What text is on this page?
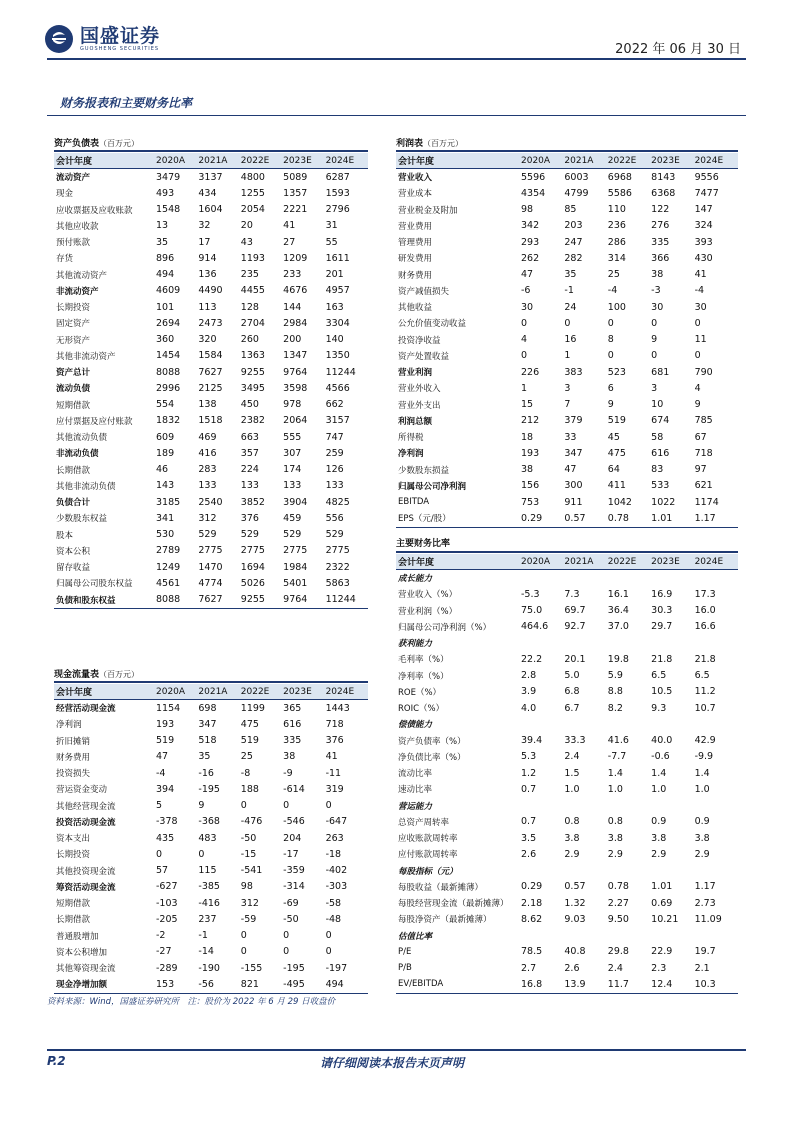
国盛证券
GUOSHENG SECURITIES	2022 年 06 月 30 日
财务报表和主要财务比率
资产负债表（百万元）
会计年度	2020A	2021A	2022E	2023E	2024E
流动资产	3479	3137	4800	5089	6287
现金	493	434	1255	1357	1593
应收票据及应收账款	1548	1604	2054	2221	2796
其他应收款	13	32	20	41	31
预付账款	35	17	43	27	55
存货	896	914	1193	1209	1611
其他流动资产	494	136	235	233	201
非流动资产	4609	4490	4455	4676	4957
长期投资	101	113	128	144	163
固定资产	2694	2473	2704	2984	3304
无形资产	360	320	260	200	140
其他非流动资产	1454	1584	1363	1347	1350
资产总计	8088	7627	9255	9764	11244
流动负债	2996	2125	3495	3598	4566
短期借款	554	138	450	978	662
应付票据及应付账款	1832	1518	2382	2064	3157
其他流动负债	609	469	663	555	747
非流动负债	189	416	357	307	259
长期借款	46	283	224	174	126
其他非流动负债	143	133	133	133	133
负债合计	3185	2540	3852	3904	4825
少数股东权益	341	312	376	459	556
股本	530	529	529	529	529
资本公积	2789	2775	2775	2775	2775
留存收益	1249	1470	1694	1984	2322
归属母公司股东权益	4561	4774	5026	5401	5863
负债和股东权益	8088	7627	9255	9764	11244
现金流量表（百万元）
会计年度	2020A	2021A	2022E	2023E	2024E
经营活动现金流	1154	698	1199	365	1443
净利润	193	347	475	616	718
折旧摊销	519	518	519	335	376
财务费用	47	35	25	38	41
投资损失	-4	-16	-8	-9	-11
营运资金变动	394	-195	188	-614	319
其他经营现金流	5	9	0	0	0
投资活动现金流	-378	-368	-476	-546	-647
资本支出	435	483	-50	204	263
长期投资	0	0	-15	-17	-18
其他投资现金流	57	115	-541	-359	-402
筹资活动现金流	-627	-385	98	-314	-303
短期借款	-103	-416	312	-69	-58
长期借款	-205	237	-59	-50	-48
普通股增加	-2	-1	0	0	0
资本公积增加	-27	-14	0	0	0
其他筹资现金流	-289	-190	-155	-195	-197
现金净增加额	153	-56	821	-495	494
利润表（百万元）
会计年度	2020A	2021A	2022E	2023E	2024E
营业收入	5596	6003	6968	8143	9556
营业成本	4354	4799	5586	6368	7477
营业税金及附加	98	85	110	122	147
营业费用	342	203	236	276	324
管理费用	293	247	286	335	393
研发费用	262	282	314	366	430
财务费用	47	35	25	38	41
资产减值损失	-6	-1	-4	-3	-4
其他收益	30	24	100	30	30
公允价值变动收益	0	0	0	0	0
投资净收益	4	16	8	9	11
资产处置收益	0	1	0	0	0
营业利润	226	383	523	681	790
营业外收入	1	3	6	3	4
营业外支出	15	7	9	10	9
利润总额	212	379	519	674	785
所得税	18	33	45	58	67
净利润	193	347	475	616	718
少数股东损益	38	47	64	83	97
归属母公司净利润	156	300	411	533	621
EBITDA	753	911	1042	1022	1174
EPS（元/股）	0.29	0.57	0.78	1.01	1.17
主要财务比率
会计年度	2020A	2021A	2022E	2023E	2024E
成长能力					
营业收入（%）	-5.3	7.3	16.1	16.9	17.3
营业利润（%）	75.0	69.7	36.4	30.3	16.0
归属母公司净利润（%）	464.6	92.7	37.0	29.7	16.6
获利能力					
毛利率（%）	22.2	20.1	19.8	21.8	21.8
净利率（%）	2.8	5.0	5.9	6.5	6.5
ROE（%）	3.9	6.8	8.8	10.5	11.2
ROIC（%）	4.0	6.7	8.2	9.3	10.7
偿债能力					
资产负债率（%）	39.4	33.3	41.6	40.0	42.9
净负债比率（%）	5.3	2.4	-7.7	-0.6	-9.9
流动比率	1.2	1.5	1.4	1.4	1.4
速动比率	0.7	1.0	1.0	1.0	1.0
营运能力					
总资产周转率	0.7	0.8	0.8	0.9	0.9
应收账款周转率	3.5	3.8	3.8	3.8	3.8
应付账款周转率	2.6	2.9	2.9	2.9	2.9
每股指标（元）					
每股收益（最新摊薄）	0.29	0.57	0.78	1.01	1.17
每股经营现金流（最新摊薄）	2.18	1.32	2.27	0.69	2.73
每股净资产（最新摊薄）	8.62	9.03	9.50	10.21	11.09
估值比率					
P/E	78.5	40.8	29.8	22.9	19.7
P/B	2.7	2.6	2.4	2.3	2.1
EV/EBITDA	16.8	13.9	11.7	12.4	10.3
资料来源：Wind，国盛证券研究所　注：股价为 2022 年 6 月 29 日收盘价
P.2	请仔细阅读本报告末页声明
